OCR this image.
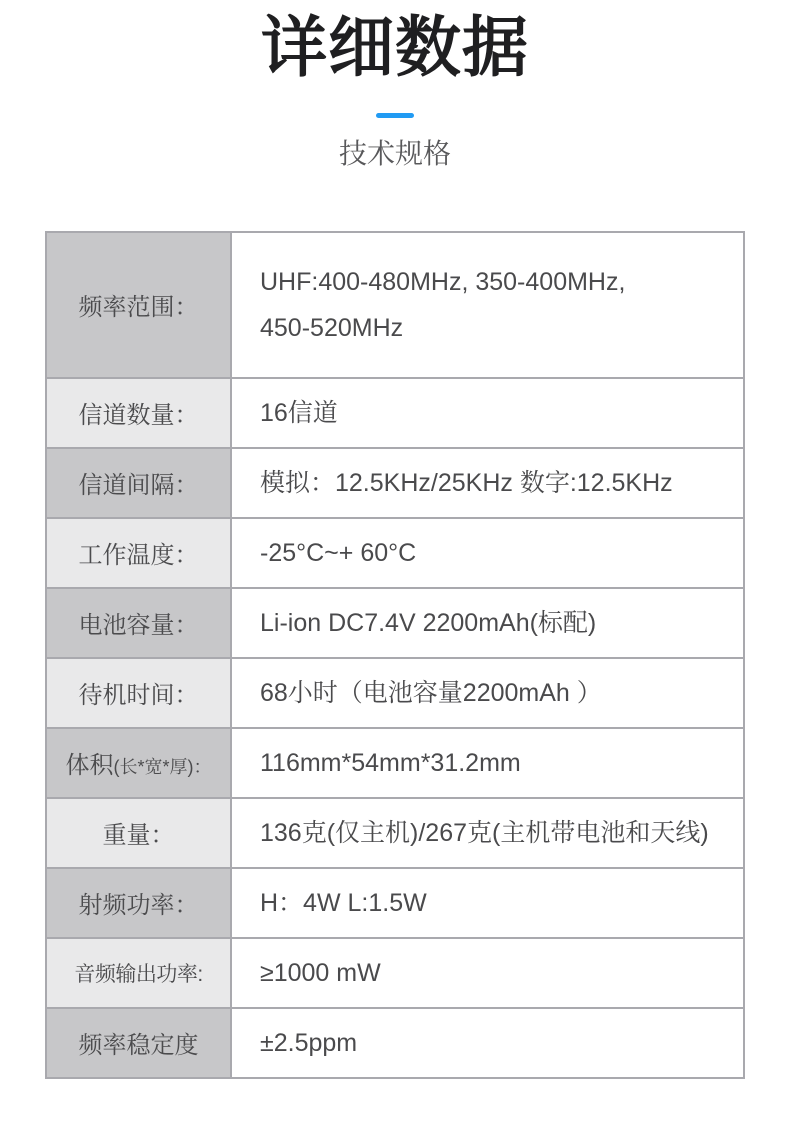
详细数据
技术规格
频率范围：	UHF:400-480MHz, 350-400MHz,
450-520MHz

信道数量：	16信道

信道间隔：	模拟：12.5KHz/25KHz 数字:12.5KHz

工作温度：	-25°C~+ 60°C

电池容量：	Li-ion DC7.4V 2200mAh(标配)

待机时间：	68小时（电池容量2200mAh ）

体积(长*宽*厚)：	116mm*54mm*31.2mm

重量：	136克(仅主机)/267克(主机带电池和天线)

射频功率：	H：4W L:1.5W

音频输出功率:	≥1000 mW

频率稳定度	±2.5ppm
